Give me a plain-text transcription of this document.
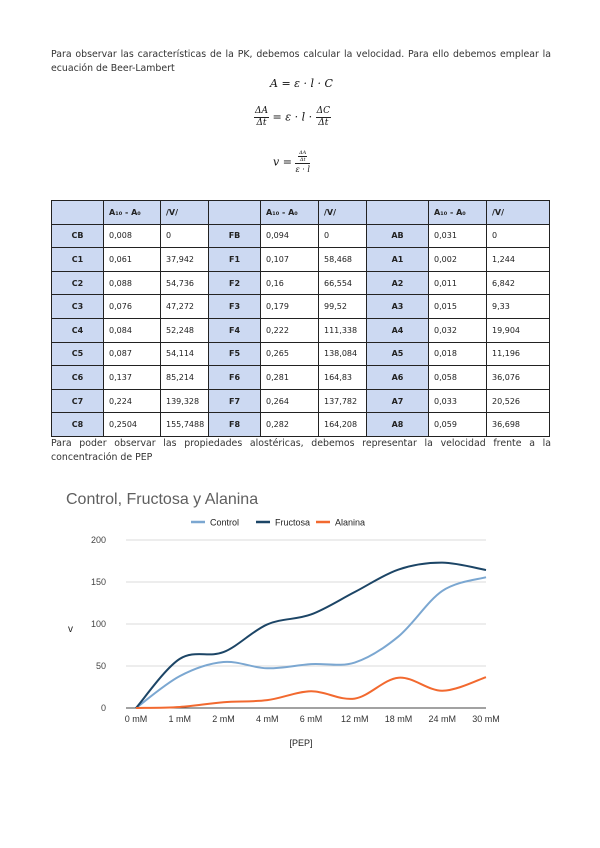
Para observar las características de la PK, debemos calcular la velocidad. Para ello debemos emplear la ecuación de Beer-Lambert
A = ε · l · C
$\frac{\Delta A}{\Delta t} = \varepsilon \cdot l \cdot \frac{\Delta C}{\Delta t}$
$v = \frac{\frac{\Delta A}{\Delta t}}{\varepsilon \cdot l}$
	A₁₀ - A₀	/V/		A₁₀ - A₀	/V/		A₁₀ - A₀	/V/
CB	0,008	0	FB	0,094	0	AB	0,031	0
C1	0,061	37,942	F1	0,107	58,468	A1	0,002	1,244
C2	0,088	54,736	F2	0,16	66,554	A2	0,011	6,842
C3	0,076	47,272	F3	0,179	99,52	A3	0,015	9,33
C4	0,084	52,248	F4	0,222	111,338	A4	0,032	19,904
C5	0,087	54,114	F5	0,265	138,084	A5	0,018	11,196
C6	0,137	85,214	F6	0,281	164,83	A6	0,058	36,076
C7	0,224	139,328	F7	0,264	137,782	A7	0,033	20,526
C8	0,2504	155,7488	F8	0,282	164,208	A8	0,059	36,698
Para poder observar las propiedades alostéricas, debemos representar la velocidad frente a la concentración de PEP
Control, Fructosa y Alanina
Control	Fructosa	Alanina
0
50
100
150
200
v
0 mM 1 mM 2 mM 4 mM 6 mM 12 mM 18 mM 24 mM 30 mM
[PEP]
